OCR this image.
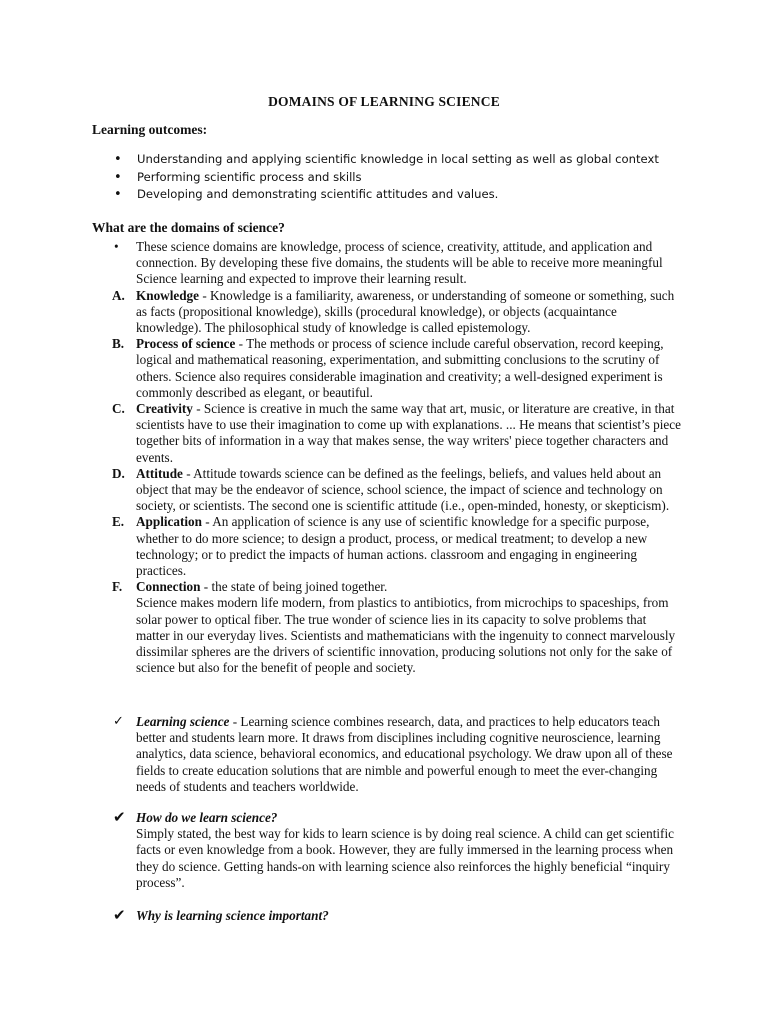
DOMAINS OF LEARNING SCIENCE
Learning outcomes:
• Understanding and applying scientific knowledge in local setting as well as global context
• Performing scientific process and skills
• Developing and demonstrating scientific attitudes and values.
What are the domains of science?
• These science domains are knowledge, process of science, creativity, attitude, and application and connection. By developing these five domains, the students will be able to receive more meaningful Science learning and expected to improve their learning result.
A. Knowledge - Knowledge is a familiarity, awareness, or understanding of someone or something, such as facts (propositional knowledge), skills (procedural knowledge), or objects (acquaintance knowledge). The philosophical study of knowledge is called epistemology.
B. Process of science - The methods or process of science include careful observation, record keeping, logical and mathematical reasoning, experimentation, and submitting conclusions to the scrutiny of others. Science also requires considerable imagination and creativity; a well-designed experiment is commonly described as elegant, or beautiful.
C. Creativity - Science is creative in much the same way that art, music, or literature are creative, in that scientists have to use their imagination to come up with explanations. ... He means that scientist’s piece together bits of information in a way that makes sense, the way writers' piece together characters and events.
D. Attitude - Attitude towards science can be defined as the feelings, beliefs, and values held about an object that may be the endeavor of science, school science, the impact of science and technology on society, or scientists. The second one is scientific attitude (i.e., open-minded, honesty, or skepticism).
E. Application - An application of science is any use of scientific knowledge for a specific purpose, whether to do more science; to design a product, process, or medical treatment; to develop a new technology; or to predict the impacts of human actions. classroom and engaging in engineering practices.
F. Connection - the state of being joined together.
Science makes modern life modern, from plastics to antibiotics, from microchips to spaceships, from solar power to optical fiber. The true wonder of science lies in its capacity to solve problems that matter in our everyday lives. Scientists and mathematicians with the ingenuity to connect marvelously dissimilar spheres are the drivers of scientific innovation, producing solutions not only for the sake of science but also for the benefit of people and society.
✓ Learning science - Learning science combines research, data, and practices to help educators teach better and students learn more. It draws from disciplines including cognitive neuroscience, learning analytics, data science, behavioral economics, and educational psychology. We draw upon all of these fields to create education solutions that are nimble and powerful enough to meet the ever-changing needs of students and teachers worldwide.
✔ How do we learn science?
Simply stated, the best way for kids to learn science is by doing real science. A child can get scientific facts or even knowledge from a book. However, they are fully immersed in the learning process when they do science. Getting hands-on with learning science also reinforces the highly beneficial “inquiry process”.
✔ Why is learning science important?
